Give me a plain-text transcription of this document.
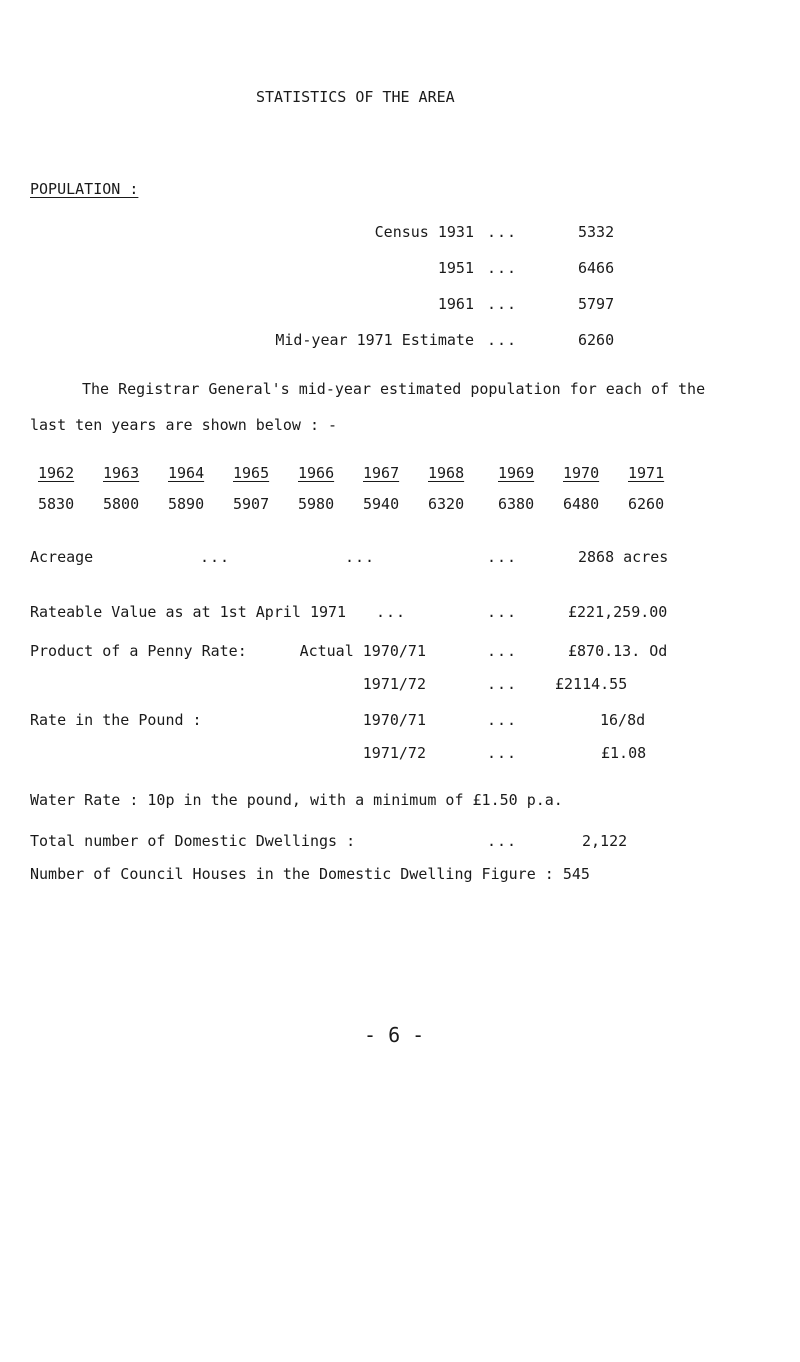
STATISTICS OF THE AREA
POPULATION :
Census 1931 ...	5332
1951 ...	6466
1961 ...	5797
Mid-year 1971 Estimate ...	6260
The Registrar General's mid-year estimated population for each of the
last ten years are shown below : -
1962 1963 1964 1965 1966 1967 1968 1969 1970 1971
5830 5800 5890 5907 5980 5940 6320 6380 6480 6260
Acreage	...	...	...	2868 acres
Rateable Value as at 1st April 1971 ...	...	£221,259.00
Product of a Penny Rate:	Actual 1970/71	...	£870.13. Od
1971/72	...	£2114.55
Rate in the Pound :	1970/71	...	16/8d
1971/72	...	£1.08
Water Rate : 10p in the pound, with a minimum of £1.50 p.a.
Total number of Domestic Dwellings :	...	2,122
Number of Council Houses in the Domestic Dwelling Figure : 545
- 6 -
